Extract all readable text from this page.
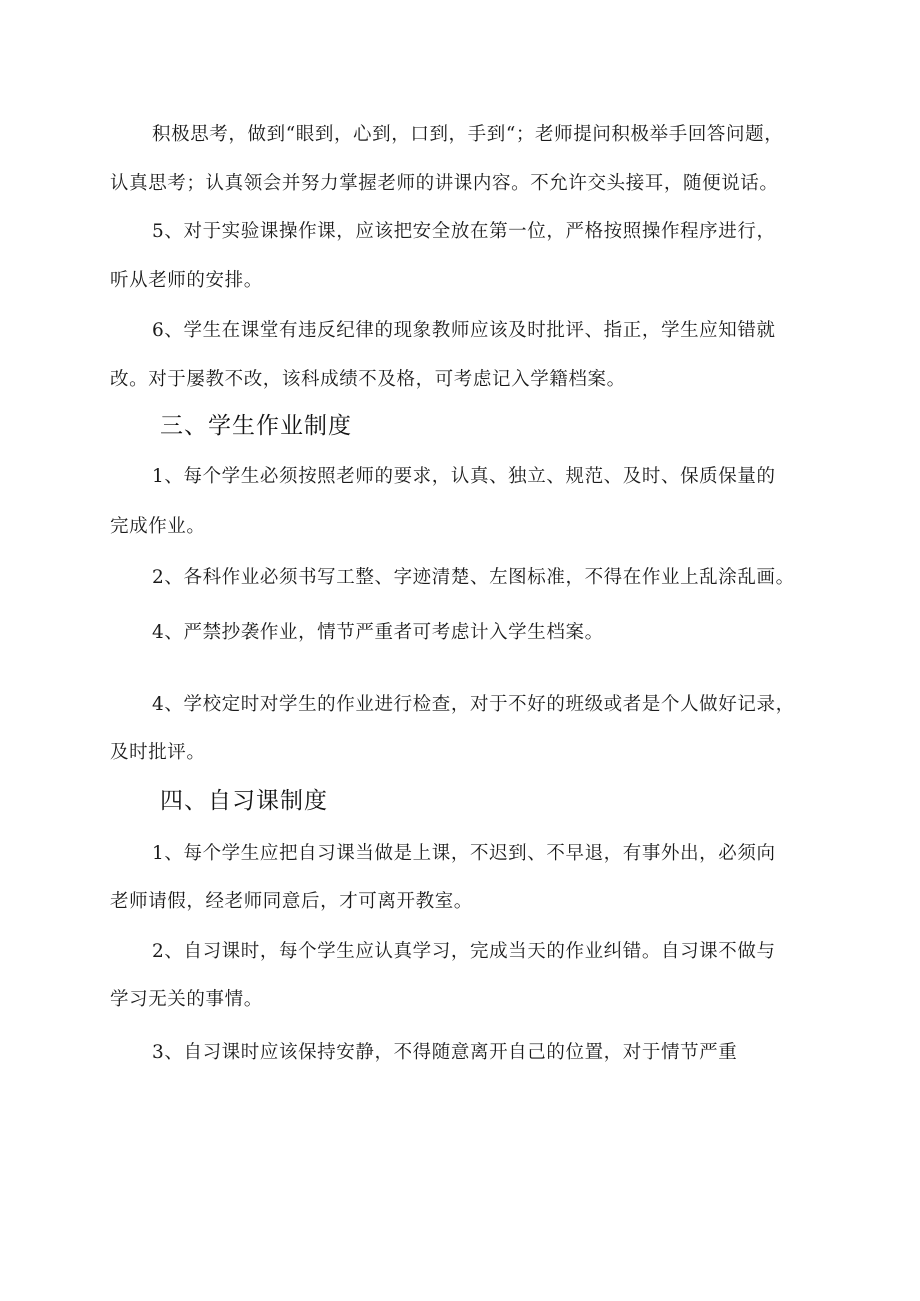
积极思考，做到“眼到，心到，口到，手到“；老师提问积极举手回答问题，
认真思考；认真领会并努力掌握老师的讲课内容。不允许交头接耳，随便说话。
5、对于实验课操作课，应该把安全放在第一位，严格按照操作程序进行，
听从老师的安排。
6、学生在课堂有违反纪律的现象教师应该及时批评、指正，学生应知错就
改。对于屡教不改，该科成绩不及格，可考虑记入学籍档案。
三、学生作业制度
1、每个学生必须按照老师的要求，认真、独立、规范、及时、保质保量的
完成作业。
2、各科作业必须书写工整、字迹清楚、左图标准，不得在作业上乱涂乱画。
4、严禁抄袭作业，情节严重者可考虑计入学生档案。
4、学校定时对学生的作业进行检查，对于不好的班级或者是个人做好记录，
及时批评。
四、自习课制度
1、每个学生应把自习课当做是上课，不迟到、不早退，有事外出，必须向
老师请假，经老师同意后，才可离开教室。
2、自习课时，每个学生应认真学习，完成当天的作业纠错。自习课不做与
学习无关的事情。
3、自习课时应该保持安静，不得随意离开自己的位置，对于情节严重
